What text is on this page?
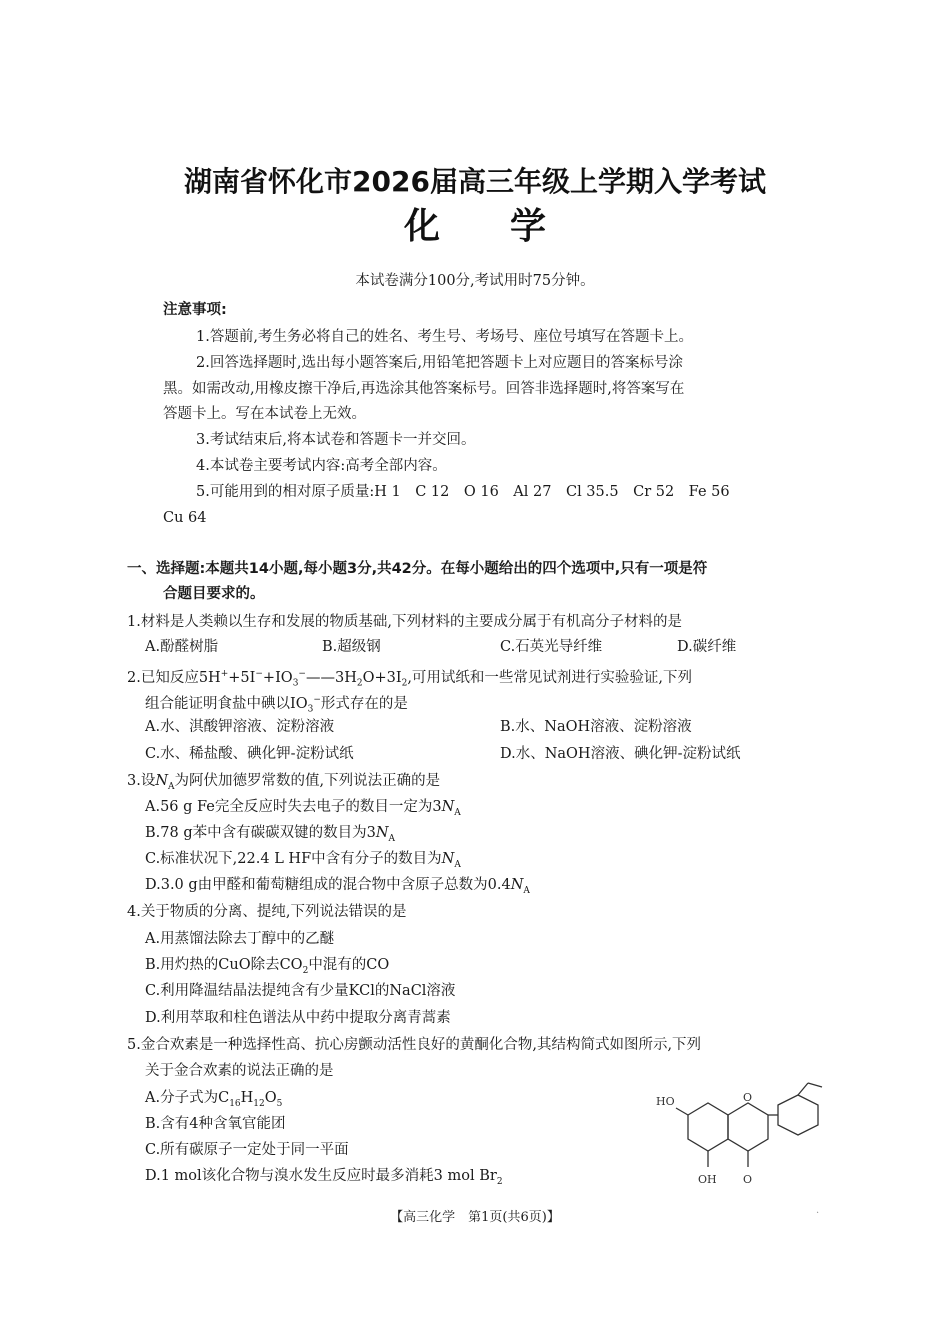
湖南省怀化市2026届高三年级上学期入学考试
化学
本试卷满分100分,考试用时75分钟。
注意事项:
1.答题前,考生务必将自己的姓名、考生号、考场号、座位号填写在答题卡上。
2.回答选择题时,选出每小题答案后,用铅笔把答题卡上对应题目的答案标号涂
黑。如需改动,用橡皮擦干净后,再选涂其他答案标号。回答非选择题时,将答案写在
答题卡上。写在本试卷上无效。
3.考试结束后,将本试卷和答题卡一并交回。
4.本试卷主要考试内容:高考全部内容。
5.可能用到的相对原子质量:H 1　C 12　O 16　Al 27　Cl 35.5　Cr 52　Fe 56
Cu 64
一、选择题:本题共14小题,每小题3分,共42分。在每小题给出的四个选项中,只有一项是符
合题目要求的。
1.材料是人类赖以生存和发展的物质基础,下列材料的主要成分属于有机高分子材料的是
A.酚醛树脂	B.超级钢	C.石英光导纤维	D.碳纤维
2.已知反应$5H^++5I^-+IO_3^-——3H_2O+3I_2$,可用试纸和一些常见试剂进行实验验证,下列
组合能证明食盐中碘以$IO_3^-$形式存在的是
A.水、淇酸钾溶液、淀粉溶液	B.水、NaOH溶液、淀粉溶液
C.水、稀盐酸、碘化钾-淀粉试纸	D.水、NaOH溶液、碘化钾-淀粉试纸
3.设$N_A$为阿伏加德罗常数的值,下列说法正确的是
A.56 g Fe完全反应时失去电子的数目一定为$3N_A$
B.78 g苯中含有碳碳双键的数目为$3N_A$
C.标准状况下,22.4 L HF中含有分子的数目为$N_A$
D.3.0 g由甲醛和葡萄糖组成的混合物中含原子总数为$0.4N_A$
4.关于物质的分离、提纯,下列说法错误的是
A.用蒸馏法除去丁醇中的乙醚
B.用灼热的CuO除去$CO_2$中混有的CO
C.利用降温结晶法提纯含有少量KCl的NaCl溶液
D.利用萃取和柱色谱法从中药中提取分离青蒿素
5.金合欢素是一种选择性高、抗心房颤动活性良好的黄酮化合物,其结构简式如图所示,下列
关于金合欢素的说法正确的是
A.分子式为$C_{16}H_{12}O_5$
B.含有4种含氧官能团
C.所有碳原子一定处于同一平面
D.1 mol该化合物与溴水发生反应时最多消耗3 mol $Br_2$
HO
OH O
O
【高三化学　第1页(共6页)】	·
